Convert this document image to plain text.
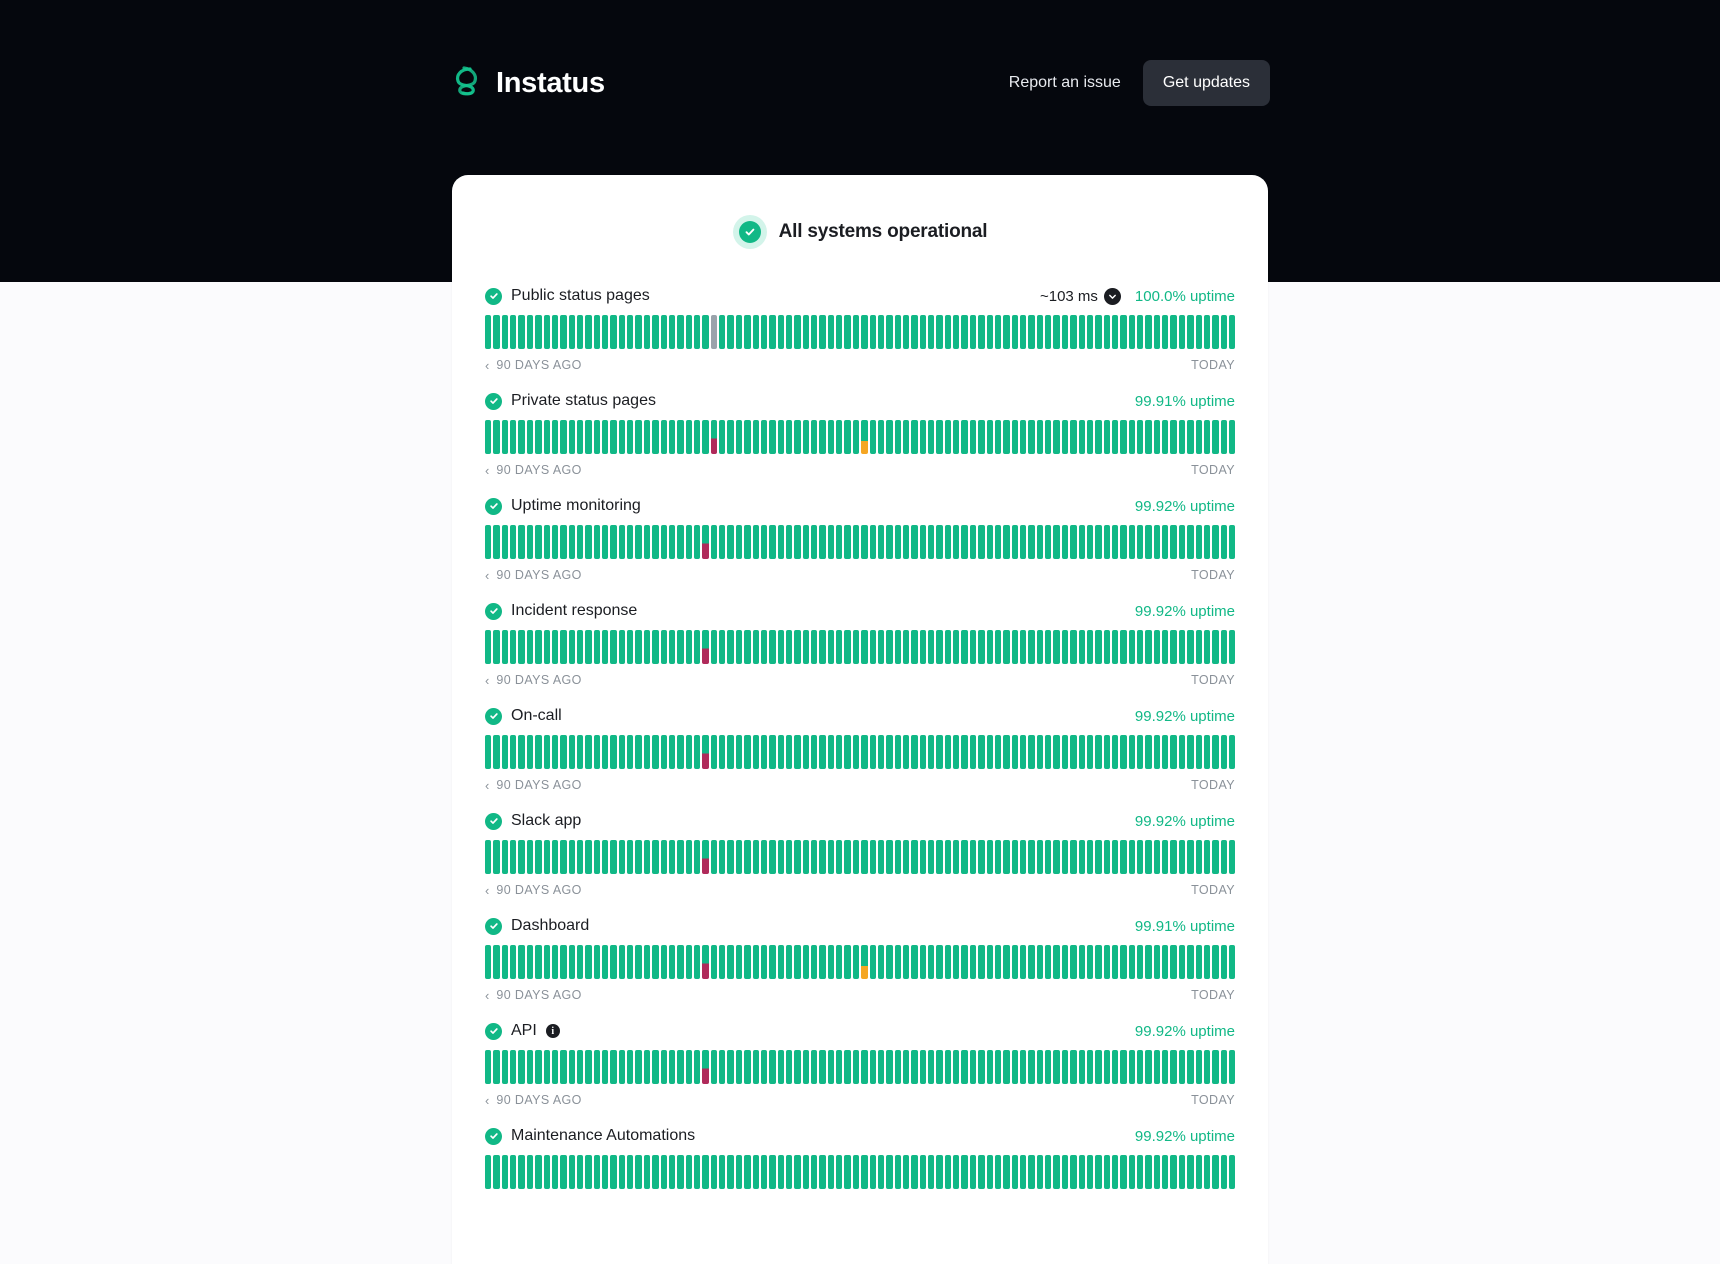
Instatus	Report an issue	Get updates
All systems operational
Public status pages	~103 ms 100.0% uptime
‹ 90 DAYS AGO	TODAY
Private status pages	99.91% uptime
‹ 90 DAYS AGO	TODAY
Uptime monitoring	99.92% uptime
‹ 90 DAYS AGO	TODAY
Incident response	99.92% uptime
‹ 90 DAYS AGO	TODAY
On-call	99.92% uptime
‹ 90 DAYS AGO	TODAY
Slack app	99.92% uptime
‹ 90 DAYS AGO	TODAY
Dashboard	99.91% uptime
‹ 90 DAYS AGO	TODAY
API	i	99.92% uptime
‹ 90 DAYS AGO	TODAY
Maintenance Automations	99.92% uptime
